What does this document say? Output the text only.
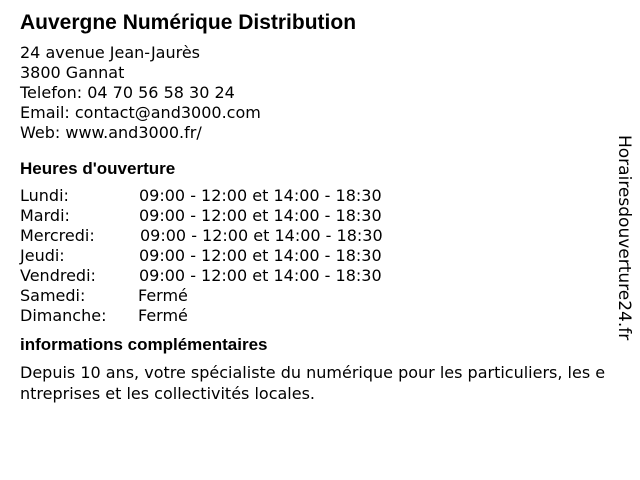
Auvergne Numérique Distribution
24 avenue Jean-Jaurès
3800 Gannat
Telefon: 04 70 56 58 30 24
Email: contact@and3000.com
Web: www.and3000.fr/
Heures d'ouverture
Lundi:	09:00 - 12:00 et 14:00 - 18:30
Mardi:	09:00 - 12:00 et 14:00 - 18:30
Mercredi:	09:00 - 12:00 et 14:00 - 18:30
Jeudi:	09:00 - 12:00 et 14:00 - 18:30
Vendredi:	09:00 - 12:00 et 14:00 - 18:30
Samedi:	Fermé
Dimanche: Fermé
informations complémentaires
Depuis 10 ans, votre spécialiste du numérique pour les particuliers, les entreprises et les collectivités locales.
Horairesdouverture24.fr
